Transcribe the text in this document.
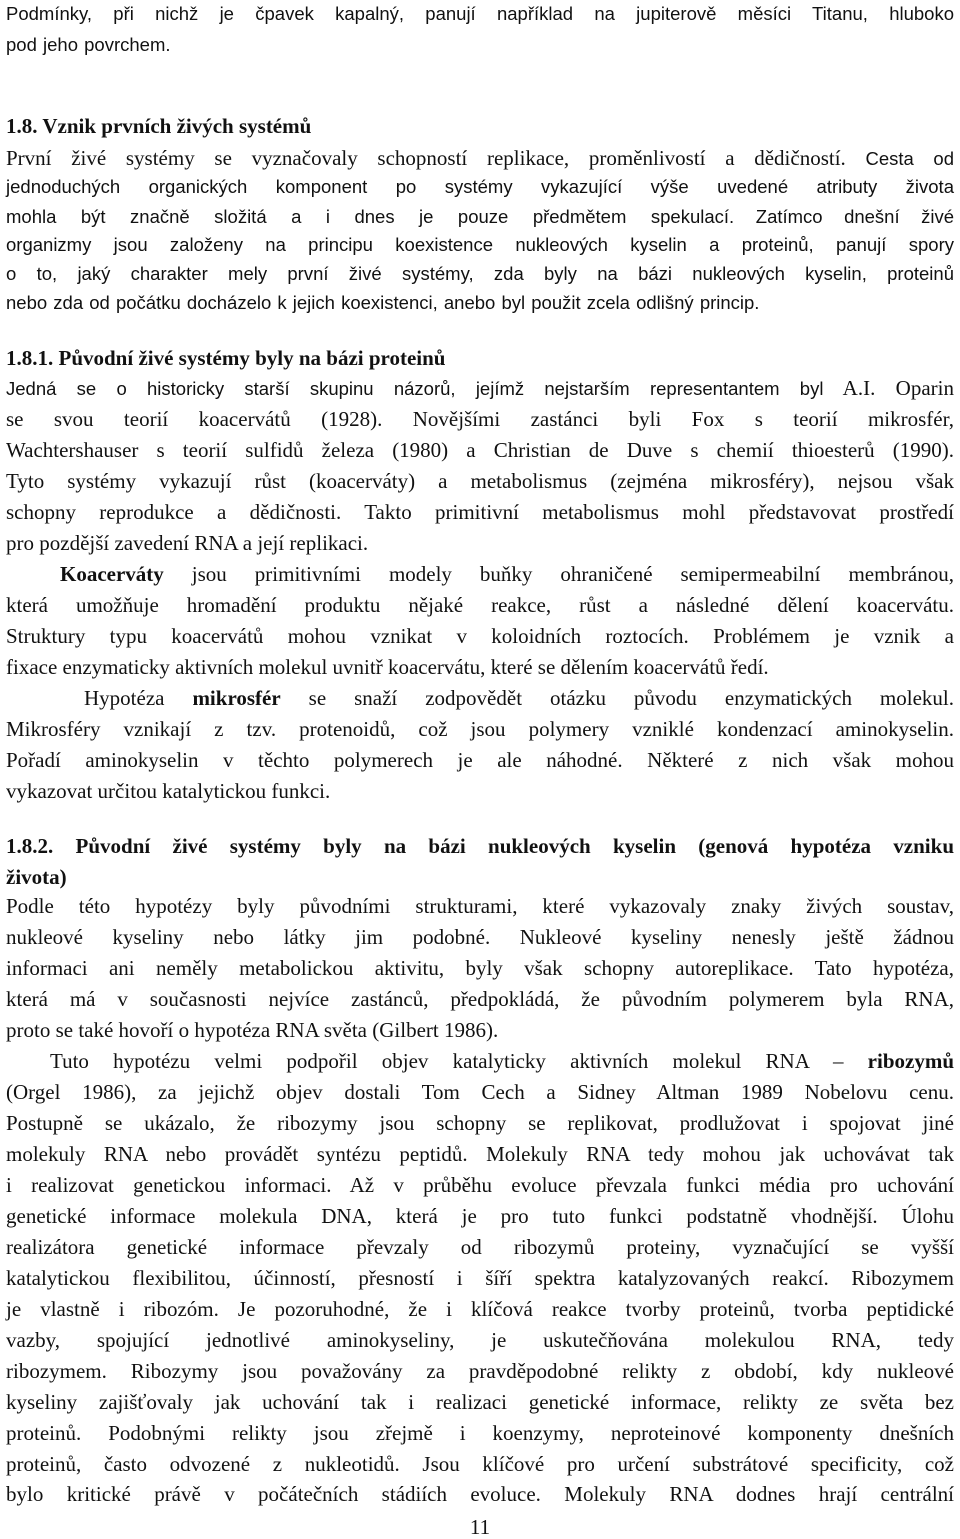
Podmínky, při nichž je čpavek kapalný, panují například na jupiterově měsíci Titanu, hluboko
pod jeho povrchem.
1.8. Vznik prvních živých systémů
První živé systémy se vyznačovaly schopností replikace, proměnlivostí a dědičností. Cesta od
jednoduchých organických komponent po systémy vykazující výše uvedené atributy života
mohla být značně složitá a i dnes je pouze předmětem spekulací. Zatímco dnešní živé
organizmy jsou založeny na principu koexistence nukleových kyselin a proteinů, panují spory
o to, jaký charakter mely první živé systémy, zda byly na bázi nukleových kyselin, proteinů
nebo zda od počátku docházelo k jejich koexistenci, anebo byl použit zcela odlišný princip.
1.8.1. Původní živé systémy byly na bázi proteinů
Jedná se o historicky starší skupinu názorů, jejímž nejstarším representantem byl A.I. Oparin
se svou teorií koacervátů (1928). Novějšími zastánci byli Fox s teorií mikrosfér,
Wachtershauser s teorií sulfidů železa (1980) a Christian de Duve s chemií thioesterů (1990).
Tyto systémy vykazují růst (koacerváty) a metabolismus (zejména mikrosféry), nejsou však
schopny reprodukce a dědičnosti. Takto primitivní metabolismus mohl představovat prostředí
pro pozdější zavedení RNA a její replikaci.
Koacerváty jsou primitivními modely buňky ohraničené semipermeabilní membránou,
která umožňuje hromadění produktu nějaké reakce, růst a následné dělení koacervátu.
Struktury typu koacervátů mohou vznikat v koloidních roztocích. Problémem je vznik a
fixace enzymaticky aktivních molekul uvnitř koacervátu, které se dělením koacervátů ředí.
Hypotéza mikrosfér se snaží zodpovědět otázku původu enzymatických molekul.
Mikrosféry vznikají z tzv. protenoidů, což jsou polymery vzniklé kondenzací aminokyselin.
Pořadí aminokyselin v těchto polymerech je ale náhodné. Některé z nich však mohou
vykazovat určitou katalytickou funkci.
1.8.2. Původní živé systémy byly na bázi nukleových kyselin (genová hypotéza vzniku
života)
Podle této hypotézy byly původními strukturami, které vykazovaly znaky živých soustav,
nukleové kyseliny nebo látky jim podobné. Nukleové kyseliny nenesly ještě žádnou
informaci ani neměly metabolickou aktivitu, byly však schopny autoreplikace. Tato hypotéza,
která má v současnosti nejvíce zastánců, předpokládá, že původním polymerem byla RNA,
proto se také hovoří o hypotéza RNA světa (Gilbert 1986).
Tuto hypotézu velmi podpořil objev katalyticky aktivních molekul RNA – ribozymů
(Orgel 1986), za jejichž objev dostali Tom Cech a Sidney Altman 1989 Nobelovu cenu.
Postupně se ukázalo, že ribozymy jsou schopny se replikovat, prodlužovat i spojovat jiné
molekuly RNA nebo provádět syntézu peptidů. Molekuly RNA tedy mohou jak uchovávat tak
i realizovat genetickou informaci. Až v průběhu evoluce převzala funkci média pro uchování
genetické informace molekula DNA, která je pro tuto funkci podstatně vhodnější. Úlohu
realizátora genetické informace převzaly od ribozymů proteiny, vyznačující se vyšší
katalytickou flexibilitou, účinností, přesností i šíří spektra katalyzovaných reakcí. Ribozymem
je vlastně i ribozóm. Je pozoruhodné, že i klíčová reakce tvorby proteinů, tvorba peptidické
vazby, spojující jednotlivé aminokyseliny, je uskutečňována molekulou RNA, tedy
ribozymem. Ribozymy jsou považovány za pravděpodobné relikty z období, kdy nukleové
kyseliny zajišťovaly jak uchování tak i realizaci genetické informace, relikty ze světa bez
proteinů. Podobnými relikty jsou zřejmě i koenzymy, neproteinové komponenty dnešních
proteinů, často odvozené z nukleotidů. Jsou klíčové pro určení substrátové specificity, což
bylo kritické právě v počátečních stádiích evoluce. Molekuly RNA dodnes hrají centrální
11
